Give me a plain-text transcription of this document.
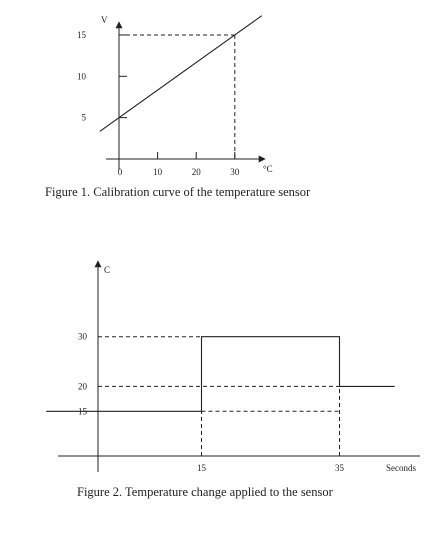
0	10	20	30
5
10
15
°C
V
Figure 1. Calibration curve of the temperature sensor
15	35
15
20
30
Seconds
C
Figure 2. Temperature change applied to the sensor
